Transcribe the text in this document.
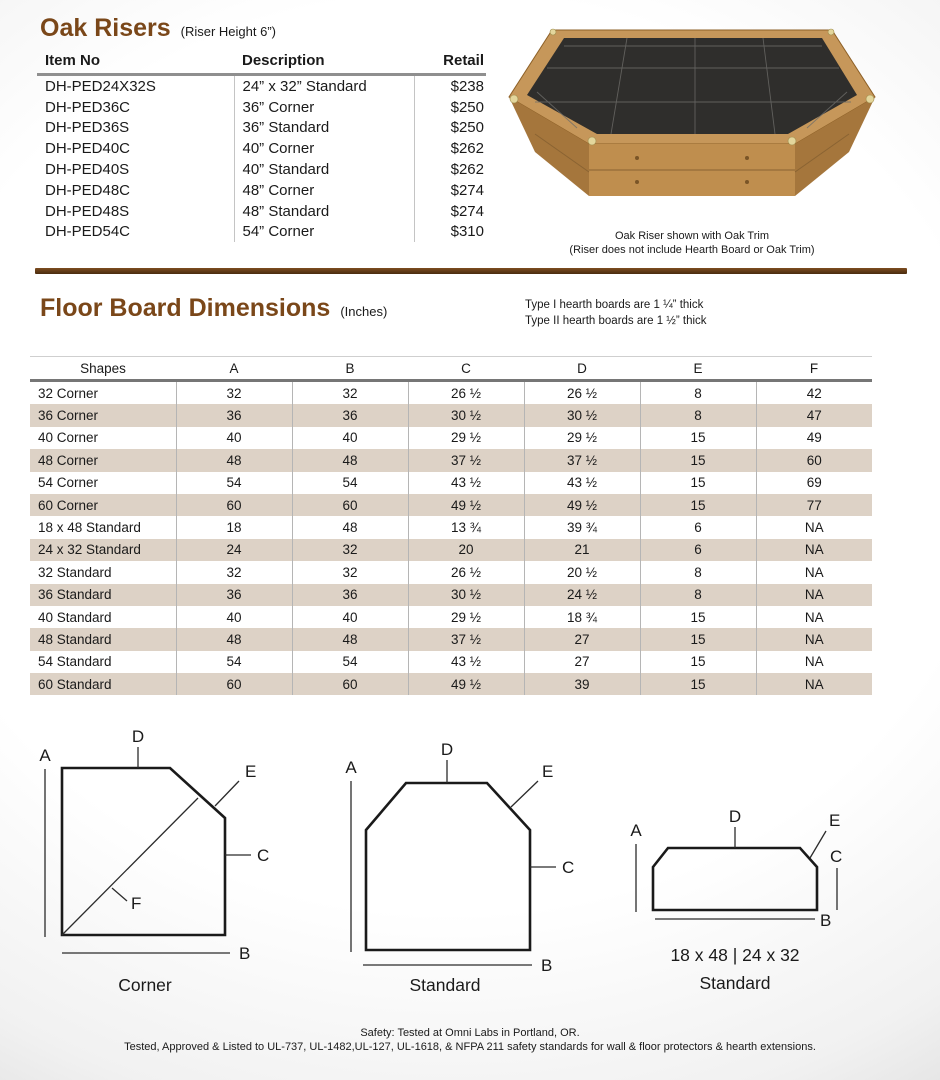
Oak Risers (Riser Height 6”)
Item No	Description	Retail
DH-PED24X32S	24” x 32” Standard	$238
DH-PED36C	36” Corner	$250
DH-PED36S	36” Standard	$250
DH-PED40C	40” Corner	$262
DH-PED40S	40” Standard	$262
DH-PED48C	48” Corner	$274
DH-PED48S	48” Standard	$274
DH-PED54C	54” Corner	$310	Oak Riser shown with Oak Trim
(Riser does not include Hearth Board or Oak Trim)
Floor Board Dimensions (Inches)	Type I hearth boards are 1 ¼” thick
Type II hearth boards are 1 ½” thick
Shapes	A	B	C	D	E	F
32 Corner	32	32	26 ½	26 ½	8	42
36 Corner	36	36	30 ½	30 ½	8	47
40 Corner	40	40	29 ½	29 ½	15	49
48 Corner	48	48	37 ½	37 ½	15	60
54 Corner	54	54	43 ½	43 ½	15	69
60 Corner	60	60	49 ½	49 ½	15	77
18 x 48 Standard	18	48	13 ¾	39 ¾	6	NA
24 x 32 Standard	24	32	20	21	6	NA
32 Standard	32	32	26 ½	20 ½	8	NA
36 Standard	36	36	30 ½	24 ½	8	NA
40 Standard	40	40	29 ½	18 ¾	15	NA
48 Standard	48	48	37 ½	27	15	NA
54 Standard	54	54	43 ½	27	15	NA
60 Standard	60	60	49 ½	39	15	NA
A
D
E
C
F
B
Corner
A
D
E
C
B
Standard
A
D	E
C
B
18 x 48 | 24 x 32
Standard
Safety: Tested at Omni Labs in Portland, OR.
Tested, Approved & Listed to UL-737, UL-1482,UL-127, UL-1618, & NFPA 211 safety standards for wall & floor protectors & hearth extensions.
